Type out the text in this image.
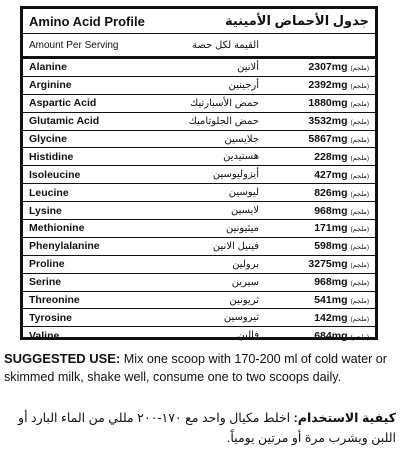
Amino Acid Profile	جدول الأحماض الأمينية
Amount Per Serving	القيمة لكل حصة
Alanine	ألانين	2307mg (ملجم)
Arginine	أرجينين	2392mg (ملجم)
Aspartic Acid	حمض الأسبارتيك	1880mg (ملجم)
Glutamic Acid	حمض الجلوتاميك	3532mg (ملجم)
Glycine	جلايسين	5867mg (ملجم)
Histidine	هستيدين	228mg (ملجم)
Isoleucine	أيزوليوسين	427mg (ملجم)
Leucine	ليوسين	826mg (ملجم)
Lysine	لايسين	968mg (ملجم)
Methionine	ميثيونين	171mg (ملجم)
Phenylalanine	فينيل الانين	598mg (ملجم)
Proline	برولين	3275mg (ملجم)
Serine	سيرين	968mg (ملجم)
Threonine	ثريونين	541mg (ملجم)
Tyrosine	تيروسين	142mg (ملجم)
Valine	فالين	684mg (ملجم)
SUGGESTED USE: Mix one scoop with 170-200 ml of cold water or skimmed milk, shake well, consume one to two scoops daily.
كيفية الاستخدام: اخلط مكيال واحد مع ١٧٠-٢٠٠ مللي من الماء البارد أو اللبن ويشرب مرة أو مرتين يومياً.
